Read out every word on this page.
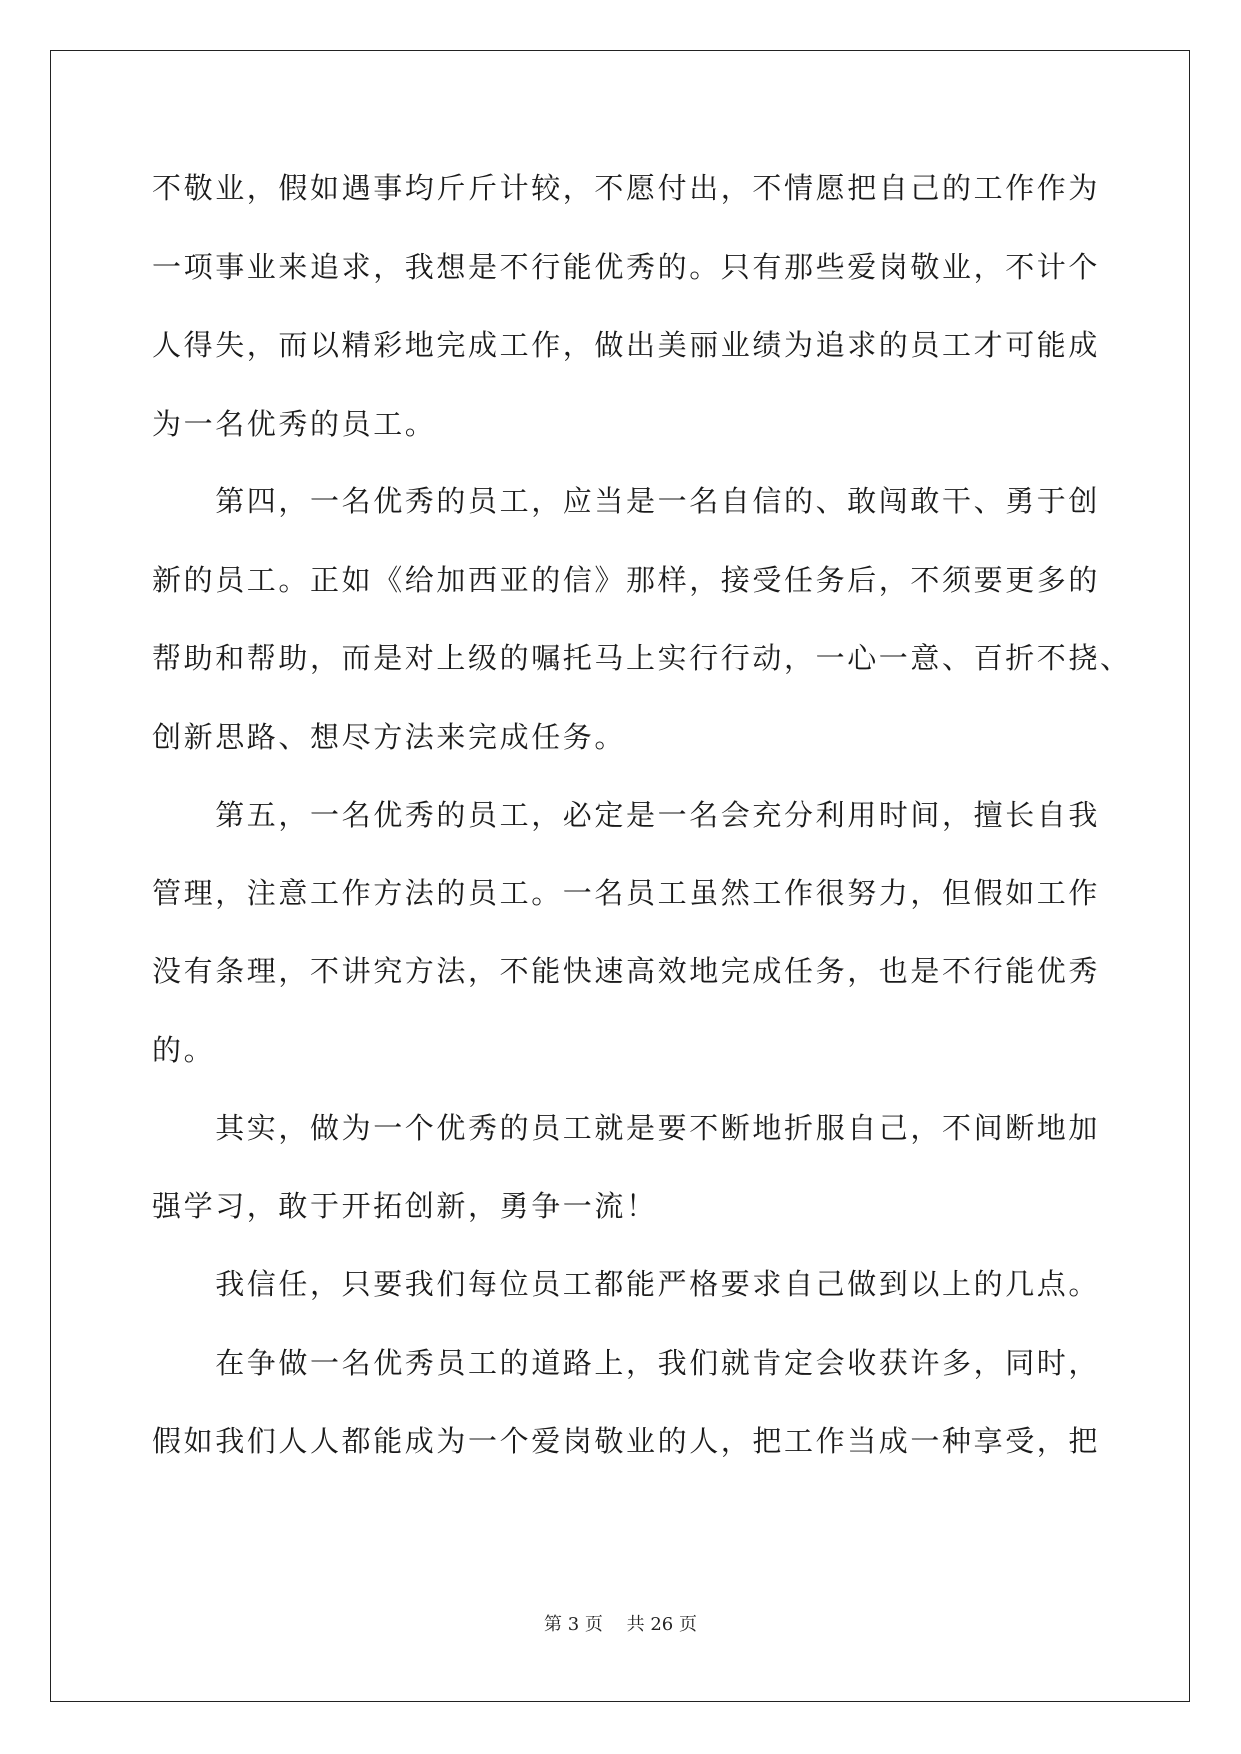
不敬业，假如遇事均斤斤计较，不愿付出，不情愿把自己的工作作为
一项事业来追求，我想是不行能优秀的。只有那些爱岗敬业，不计个
人得失，而以精彩地完成工作，做出美丽业绩为追求的员工才可能成
为一名优秀的员工。
　　第四，一名优秀的员工，应当是一名自信的、敢闯敢干、勇于创
新的员工。正如《给加西亚的信》那样，接受任务后，不须要更多的
帮助和帮助，而是对上级的嘱托马上实行行动，一心一意、百折不挠、
创新思路、想尽方法来完成任务。
　　第五，一名优秀的员工，必定是一名会充分利用时间，擅长自我
管理，注意工作方法的员工。一名员工虽然工作很努力，但假如工作
没有条理，不讲究方法，不能快速高效地完成任务，也是不行能优秀
的。
　　其实，做为一个优秀的员工就是要不断地折服自己，不间断地加
强学习，敢于开拓创新，勇争一流！
　　我信任，只要我们每位员工都能严格要求自己做到以上的几点。
　　在争做一名优秀员工的道路上，我们就肯定会收获许多，同时，
假如我们人人都能成为一个爱岗敬业的人，把工作当成一种享受，把
第 3 页　 共 26 页
